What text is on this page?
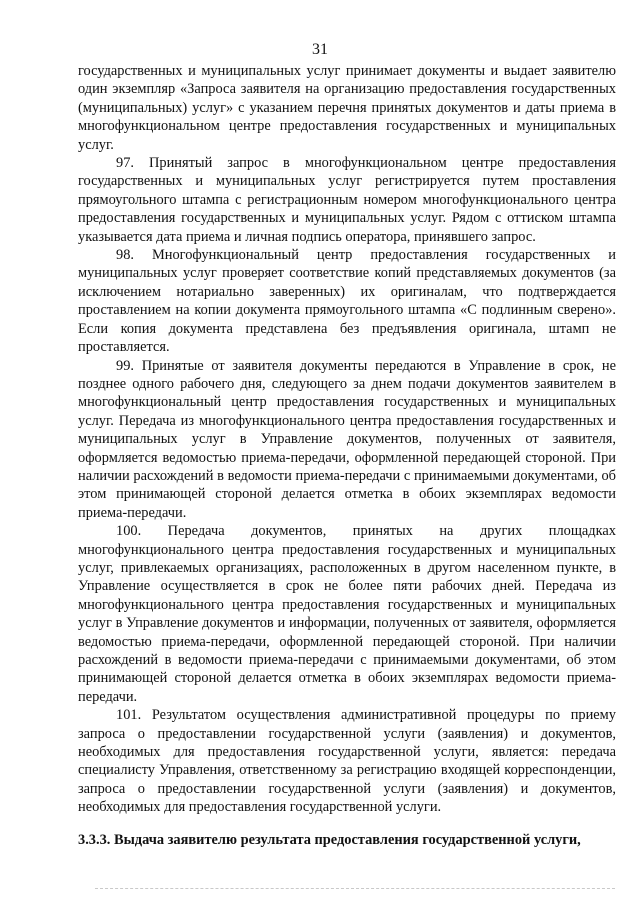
31

государственных и муниципальных услуг принимает документы и выдает заявителю один экземпляр «Запроса заявителя на организацию предоставления государственных (муниципальных) услуг» с указанием перечня принятых документов и даты приема в многофункциональном центре предоставления государственных и муниципальных услуг.

97. Принятый запрос в многофункциональном центре предоставления государственных и муниципальных услуг регистрируется путем проставления прямоугольного штампа с регистрационным номером многофункционального центра предоставления государственных и муниципальных услуг. Рядом с оттиском штампа указывается дата приема и личная подпись оператора, принявшего запрос.

98. Многофункциональный центр предоставления государственных и муниципальных услуг проверяет соответствие копий представляемых документов (за исключением нотариально заверенных) их оригиналам, что подтверждается проставлением на копии документа прямоугольного штампа «С подлинным сверено». Если копия документа представлена без предъявления оригинала, штамп не проставляется.

99. Принятые от заявителя документы передаются в Управление в срок, не позднее одного рабочего дня, следующего за днем подачи документов заявителем в многофункциональный центр предоставления государственных и муниципальных услуг. Передача из многофункционального центра предоставления государственных и муниципальных услуг в Управление документов, полученных от заявителя, оформляется ведомостью приема-передачи, оформленной передающей стороной. При наличии расхождений в ведомости приема-передачи с принимаемыми документами, об этом принимающей стороной делается отметка в обоих экземплярах ведомости приема-передачи.

100. Передача документов, принятых на других площадках многофункционального центра предоставления государственных и муниципальных услуг, привлекаемых организациях, расположенных в другом населенном пункте, в Управление осуществляется в срок не более пяти рабочих дней. Передача из многофункционального центра предоставления государственных и муниципальных услуг в Управление документов и информации, полученных от заявителя, оформляется ведомостью приема-передачи, оформленной передающей стороной. При наличии расхождений в ведомости приема-передачи с принимаемыми документами, об этом принимающей стороной делается отметка в обоих экземплярах ведомости приема-передачи.

101. Результатом осуществления административной процедуры по приему запроса о предоставлении государственной услуги (заявления) и документов, необходимых для предоставления государственной услуги, является: передача специалисту Управления, ответственному за регистрацию входящей корреспонденции, запроса о предоставлении государственной услуги (заявления) и документов, необходимых для предоставления государственной услуги.

3.3.3. Выдача заявителю результата предоставления государственной услуги,
